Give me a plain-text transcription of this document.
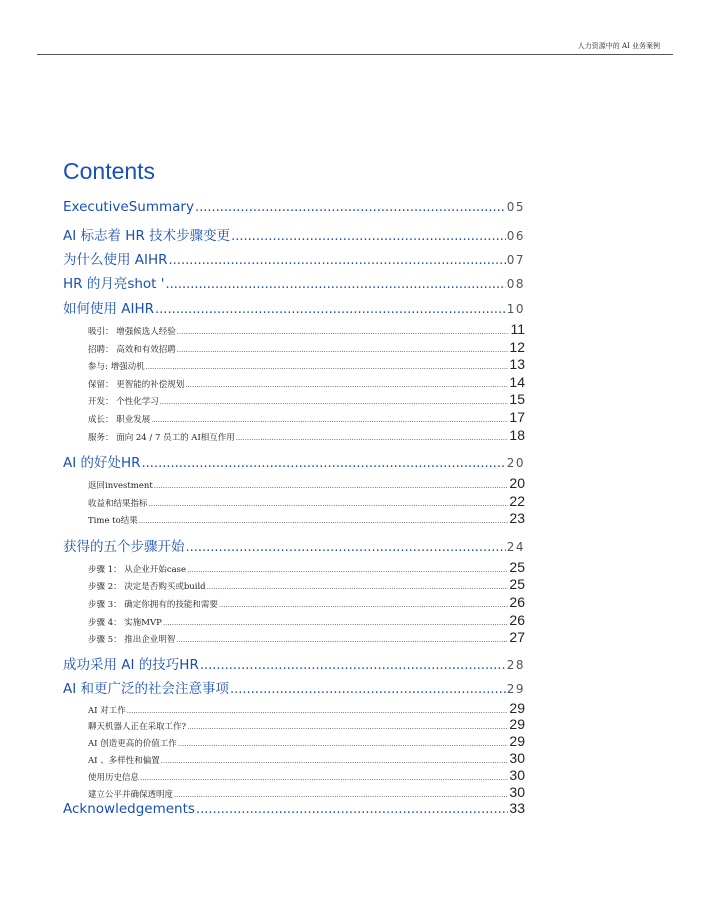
人力资源中的 AI 业务案例
Contents
ExecutiveSummary .....	05
AI 标志着 HR 技术步骤变更 .....	06
为什么使用 AIHR .....	07
HR 的月亮shot ' .....	08
如何使用 AIHR .....	10
吸引： 增强候选人经验 .....	11
招聘： 高效和有效招聘 .....	12
参与: 增强动机 .....	13
保留： 更智能的补偿规划 .....	14
开发： 个性化学习 .....	15
成长： 职业发展 .....	17
服务： 面向 24 / 7 员工的 AI相互作用 .....	18
AI 的好处HR .....	20
返回investment .....	20
收益和结果指标 .....	22
Time to结果 .....	23
获得的五个步骤开始 .....	24
步骤 1： 从企业开始case .....	25
步骤 2： 决定是否购买或build .....	25
步骤 3： 确定你拥有的技能和需要 .....	26
步骤 4： 实施MVP .....	26
步骤 5： 推出企业明智 .....	27
成功采用 AI 的技巧HR .....	28
AI 和更广泛的社会注意事项 .....	29
AI 对工作 .....	29
聊天机器人正在采取工作? .....	29
AI 创造更高的价值工作 .....	29
AI 、多样性和偏置 .....	30
使用历史信息 .....	30
建立公平并确保透明度 .....	30
Acknowledgements .....	33
